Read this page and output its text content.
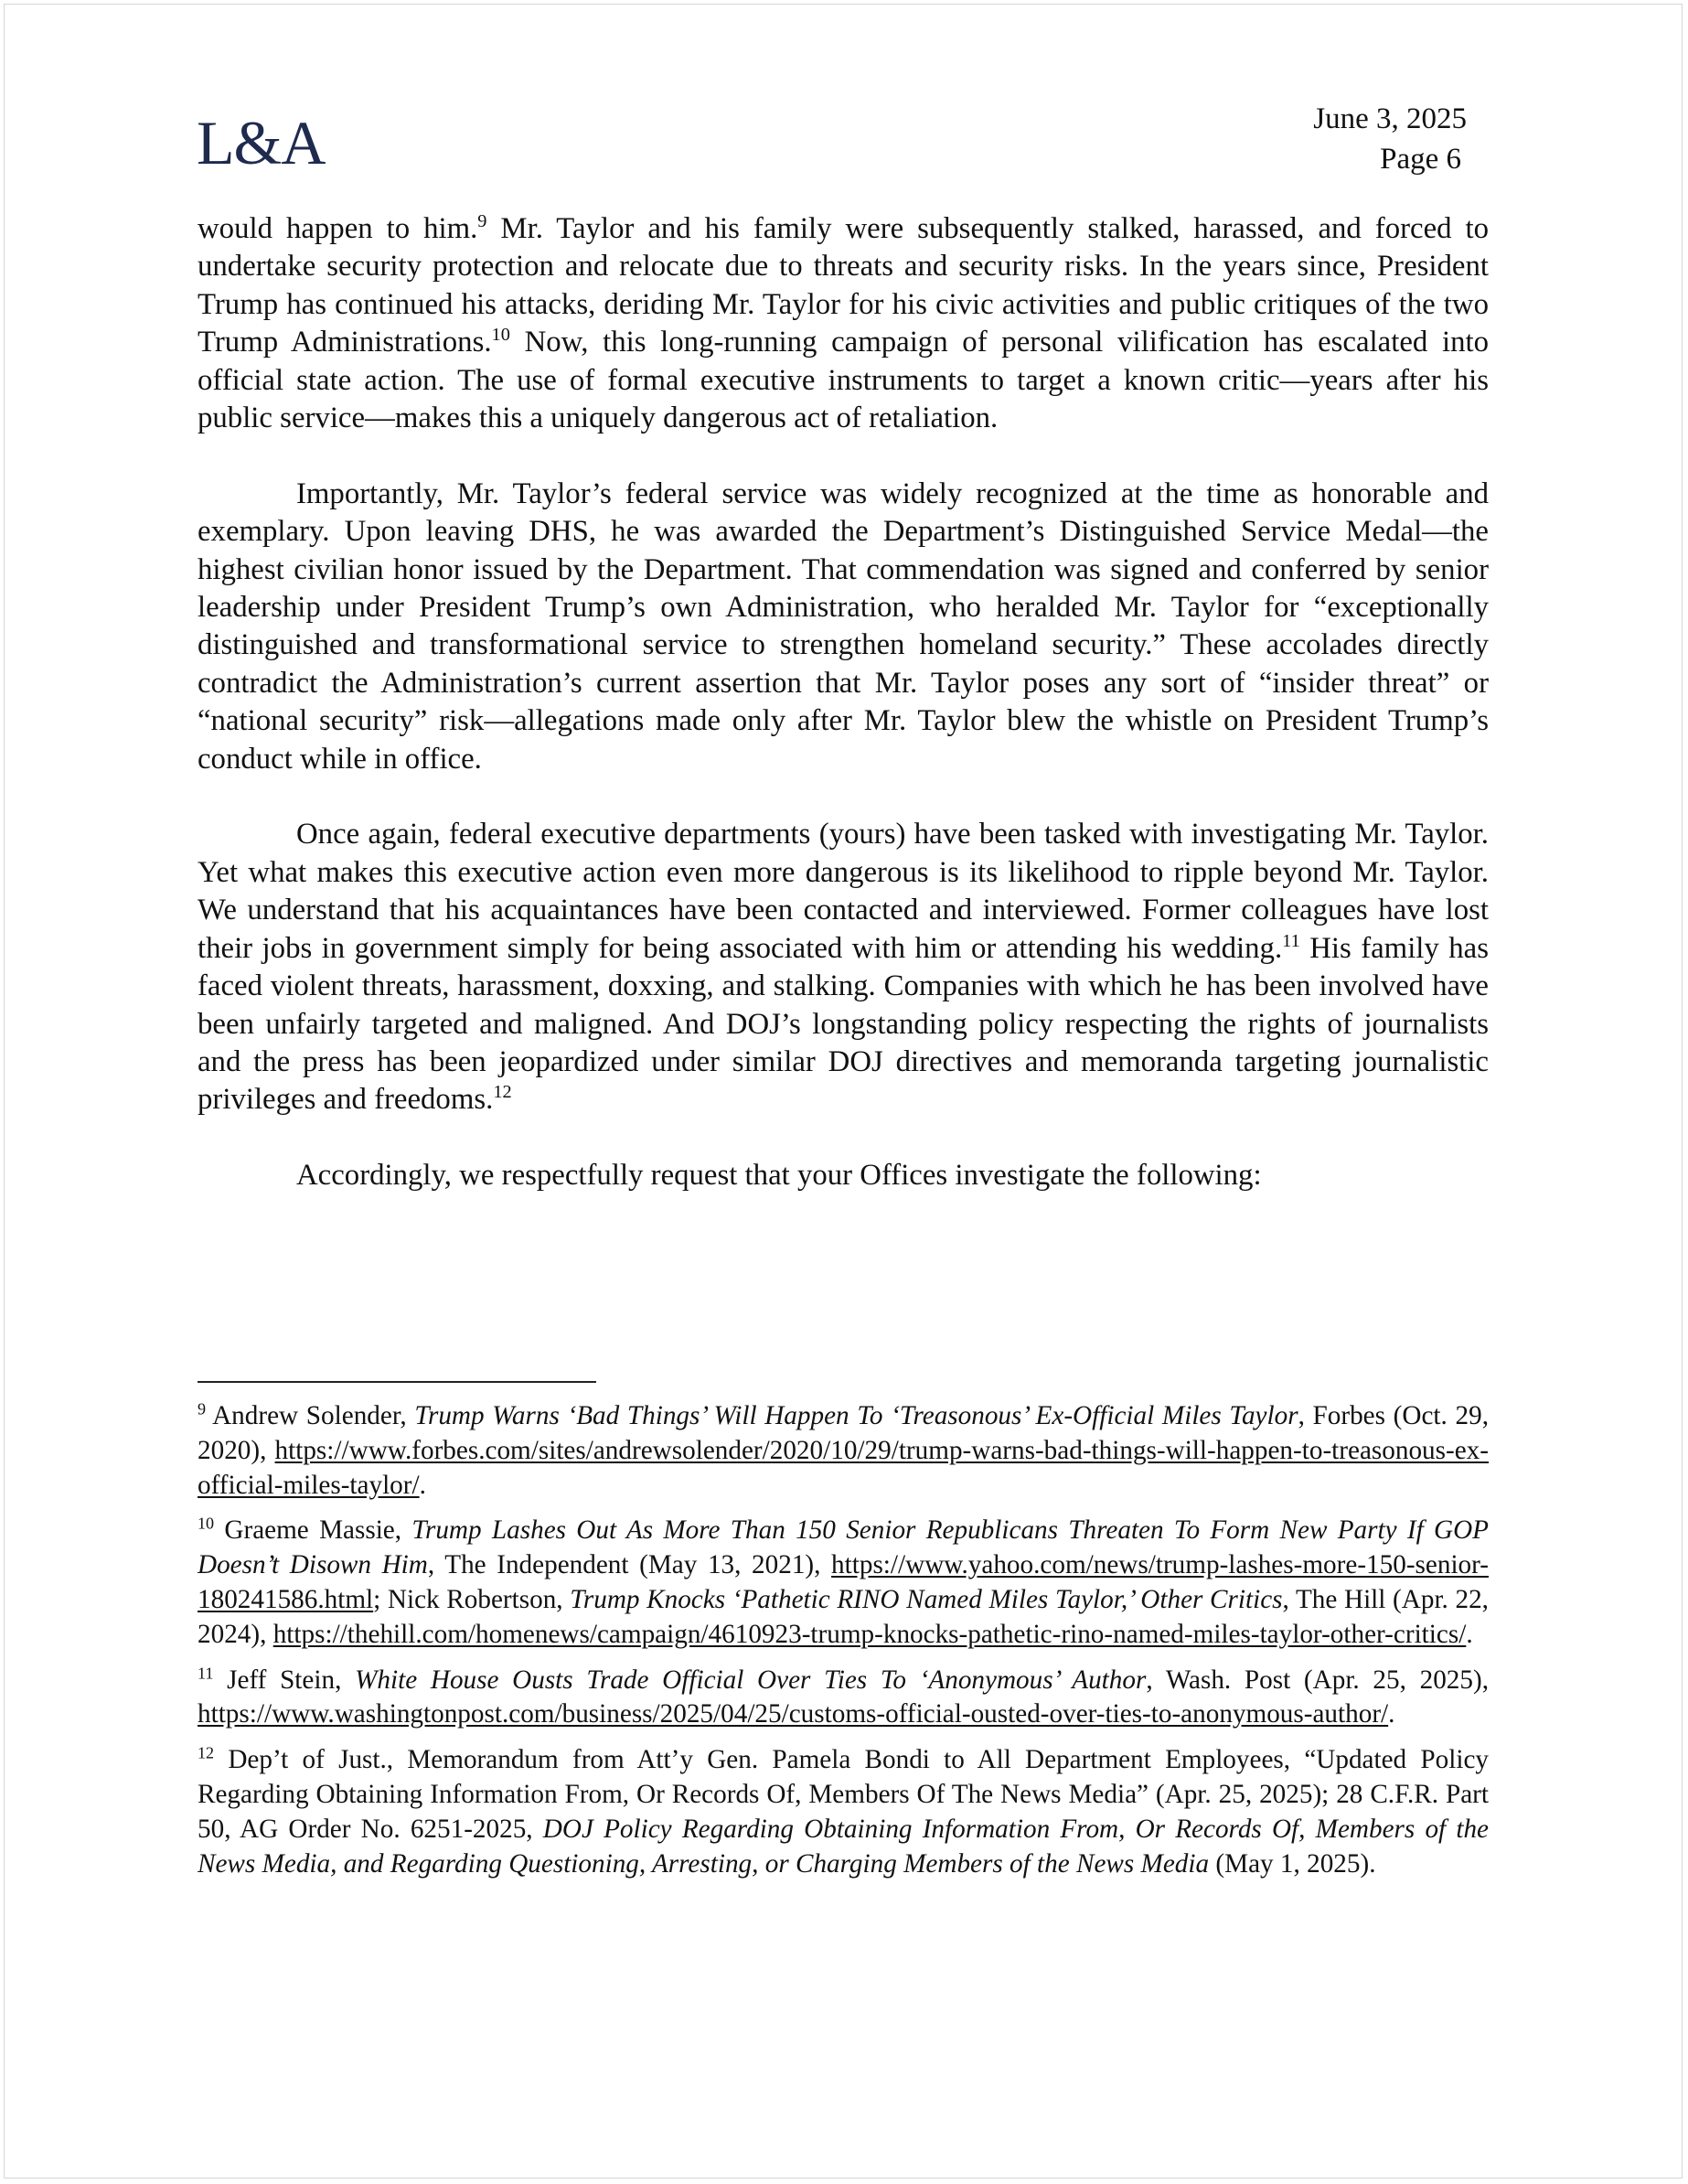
L&A	June 3, 2025
Page 6

would happen to him.$^9$ Mr. Taylor and his family were subsequently stalked, harassed, and forced to undertake security protection and relocate due to threats and security risks. In the years since, President Trump has continued his attacks, deriding Mr. Taylor for his civic activities and public critiques of the two Trump Administrations.$^{10}$ Now, this long-running campaign of personal vilification has escalated into official state action. The use of formal executive instruments to target a known critic—years after his public service—makes this a uniquely dangerous act of retaliation.

Importantly, Mr. Taylor’s federal service was widely recognized at the time as honorable and exemplary. Upon leaving DHS, he was awarded the Department’s Distinguished Service Medal—the highest civilian honor issued by the Department. That commendation was signed and conferred by senior leadership under President Trump’s own Administration, who heralded Mr. Taylor for “exceptionally distinguished and transformational service to strengthen homeland security.” These accolades directly contradict the Administration’s current assertion that Mr. Taylor poses any sort of “insider threat” or “national security” risk—allegations made only after Mr. Taylor blew the whistle on President Trump’s conduct while in office.

Once again, federal executive departments (yours) have been tasked with investigating Mr. Taylor. Yet what makes this executive action even more dangerous is its likelihood to ripple beyond Mr. Taylor. We understand that his acquaintances have been contacted and interviewed. Former colleagues have lost their jobs in government simply for being associated with him or attending his wedding.$^{11}$ His family has faced violent threats, harassment, doxxing, and stalking. Companies with which he has been involved have been unfairly targeted and maligned. And DOJ’s longstanding policy respecting the rights of journalists and the press has been jeopardized under similar DOJ directives and memoranda targeting journalistic privileges and freedoms.$^{12}$

Accordingly, we respectfully request that your Offices investigate the following:

$^9$ Andrew Solender, Trump Warns ‘Bad Things’ Will Happen To ‘Treasonous’ Ex-Official Miles Taylor, Forbes (Oct. 29, 2020), https://www.forbes.com/sites/andrewsolender/2020/10/29/trump-warns-bad-things-will-happen-to-treasonous-ex-official-miles-taylor/.
$^{10}$ Graeme Massie, Trump Lashes Out As More Than 150 Senior Republicans Threaten To Form New Party If GOP Doesn’t Disown Him, The Independent (May 13, 2021), https://www.yahoo.com/news/trump-lashes-more-150-senior-180241586.html; Nick Robertson, Trump Knocks ‘Pathetic RINO Named Miles Taylor,’ Other Critics, The Hill (Apr. 22, 2024), https://thehill.com/homenews/campaign/4610923-trump-knocks-pathetic-rino-named-miles-taylor-other-critics/.
$^{11}$ Jeff Stein, White House Ousts Trade Official Over Ties To ‘Anonymous’ Author, Wash. Post (Apr. 25, 2025), https://www.washingtonpost.com/business/2025/04/25/customs-official-ousted-over-ties-to-anonymous-author/.
$^{12}$ Dep’t of Just., Memorandum from Att’y Gen. Pamela Bondi to All Department Employees, “Updated Policy Regarding Obtaining Information From, Or Records Of, Members Of The News Media” (Apr. 25, 2025); 28 C.F.R. Part 50, AG Order No. 6251-2025, DOJ Policy Regarding Obtaining Information From, Or Records Of, Members of the News Media, and Regarding Questioning, Arresting, or Charging Members of the News Media (May 1, 2025).
